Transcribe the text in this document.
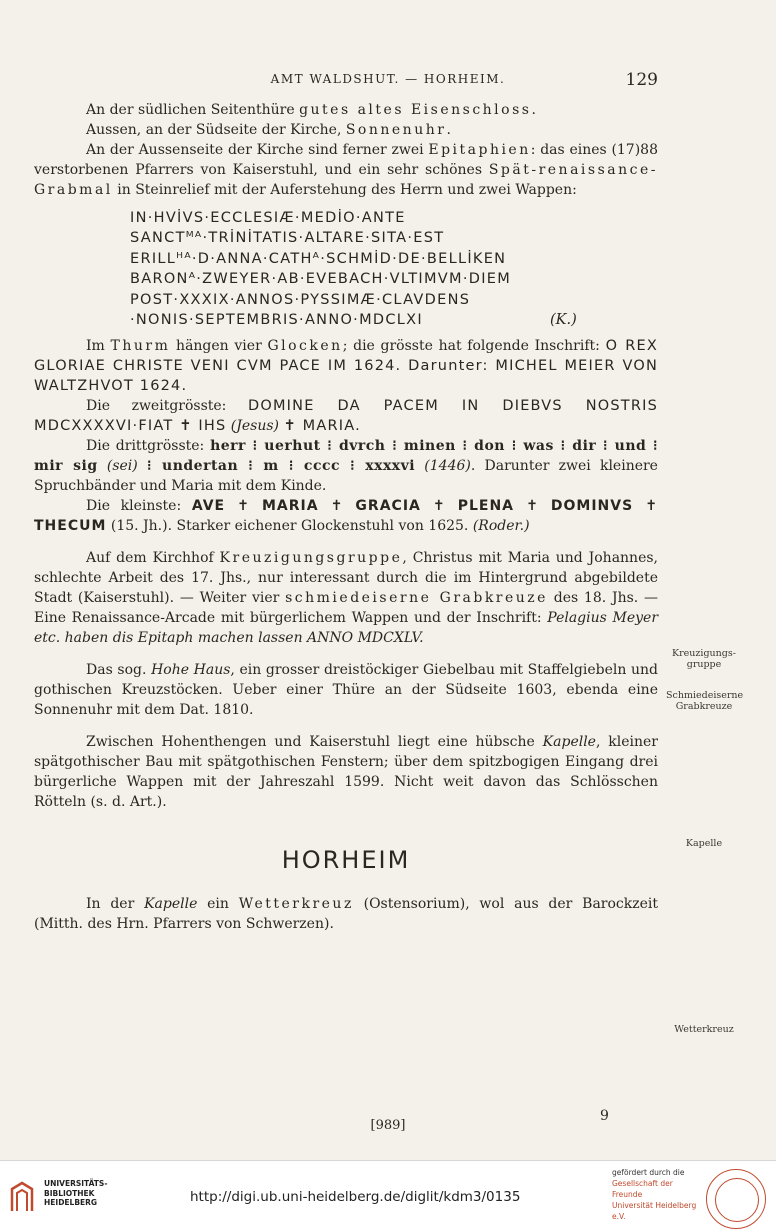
AMT WALDSHUT. — HORHEIM.	129

An der südlichen Seitenthüre gutes altes Eisenschloss.

Aussen, an der Südseite der Kirche, Sonnenuhr.

An der Aussenseite der Kirche sind ferner zwei Epitaphien: das eines (17)88 verstorbenen Pfarrers von Kaiserstuhl, und ein sehr schönes Spät-renaissance-Grabmal in Steinrelief mit der Auferstehung des Herrn und zwei Wappen:

IN·HVİVS·ECCLESIÆ·MEDİO·ANTE
SANCTᴹᴬ·TRİNİTATIS·ALTARE·SITA·EST
ERILLᴴᴬ·D·ANNA·CATHᴬ·SCHMİD·DE·BELLİKEN
BARONᴬ·ZWEYER·AB·EVEBACH·VLTIMVM·DIEM
POST·XXXIX·ANNOS·PYSSIMÆ·CLAVDENS
·NONIS·SEPTEMBRIS·ANNO·MDCLXI	(K.)

Im Thurm hängen vier Glocken; die grösste hat folgende Inschrift: O REX GLORIAE CHRISTE VENI CVM PACE IM 1624. Darunter: MICHEL MEIER VON WALTZHVOT 1624.

Die zweitgrösste: DOMINE DA PACEM IN DIEBVS NOSTRIS MDCXXXXVI·FIAT ✝ IHS (Jesus) ✝ MARIA.

Die drittgrösste: herr ⁝ uerhut ⁝ dvrch ⁝ minen ⁝ don ⁝ was ⁝ dir ⁝ und ⁝ mir sig (sei) ⁝ undertan ⁝ m ⁝ cccc ⁝ xxxxvi (1446). Darunter zwei kleinere Spruchbänder und Maria mit dem Kinde.

Die kleinste: AVE ✝ MARIA ✝ GRACIA ✝ PLENA ✝ DOMINVS ✝ THECUM (15. Jh.). Starker eichener Glockenstuhl von 1625. (Roder.)

Auf dem Kirchhof Kreuzigungsgruppe, Christus mit Maria und Johannes, schlechte Arbeit des 17. Jhs., nur interessant durch die im Hintergrund abgebildete Stadt (Kaiserstuhl). — Weiter vier schmiedeiserne Grabkreuze des 18. Jhs. — Eine Renaissance-Arcade mit bürgerlichem Wappen und der Inschrift: Pelagius Meyer etc. haben dis Epitaph machen lassen ANNO MDCXLV.

Das sog. Hohe Haus, ein grosser dreistöckiger Giebelbau mit Staffelgiebeln und gothischen Kreuzstöcken. Ueber einer Thüre an der Südseite 1603, ebenda eine Sonnenuhr mit dem Dat. 1810.

Zwischen Hohenthengen und Kaiserstuhl liegt eine hübsche Kapelle, kleiner spätgothischer Bau mit spätgothischen Fenstern; über dem spitzbogigen Eingang drei bürgerliche Wappen mit der Jahreszahl 1599. Nicht weit davon das Schlösschen Rötteln (s. d. Art.).

HORHEIM

In der Kapelle ein Wetterkreuz (Ostensorium), wol aus der Barockzeit (Mitth. des Hrn. Pfarrers von Schwerzen).

Kreuzigungs-gruppe
Schmiedeiserne Grabkreuze
Kapelle
Wetterkreuz
9
[989]
UNIVERSITÄTS-
BIBLIOTHEK
HEIDELBERG	http://digi.ub.uni-heidelberg.de/diglit/kdm3/0135
gefördert durch die
Gesellschaft der Freunde
Universität Heidelberg e.V.
